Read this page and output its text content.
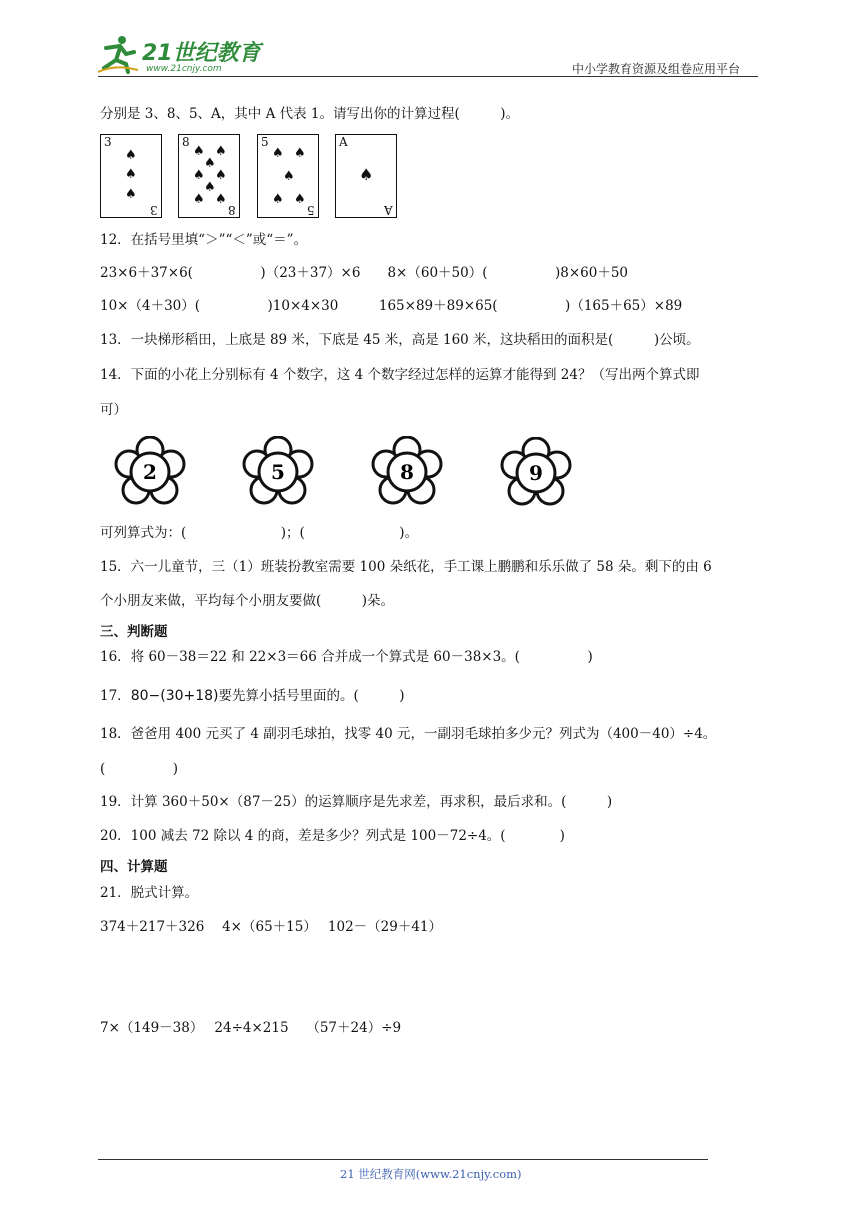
21世纪教育
www.21cnjy.com	中小学教育资源及组卷应用平台
分别是 3、8、5、A，其中 A 代表 1。请写出你的计算过程(　　　)。
3
♠
♠
♠
3
8
♠ ♠
♠
♠ ♠
♠
♠ ♠
8
5
♠ ♠
♠
♠ ♠
5
A
♠
A
12．在括号里填“＞”“＜”或“＝”。
23×6＋37×6(　　　　　)（23＋37）×6　　8×（60＋50）(　　　　　)8×60＋50
10×（4＋30）(　　　　　)10×4×30　　　165×89＋89×65(　　　　　)（165＋65）×89
13．一块梯形稻田，上底是 89 米，下底是 45 米，高是 160 米，这块稻田的面积是(　　　)公顷。
14．下面的小花上分别标有 4 个数字，这 4 个数字经过怎样的运算才能得到 24？（写出两个算式即
可）
2	5	8	9
可列算式为：(　　　　　　　)；(　　　　　　　)。
15．六一儿童节，三（1）班装扮教室需要 100 朵纸花，手工课上鹏鹏和乐乐做了 58 朵。剩下的由 6
个小朋友来做，平均每个小朋友要做(　　　)朵。
三、判断题
16．将 60－38＝22 和 22×3＝66 合并成一个算式是 60－38×3。(　　　　　)
17．80−(30+18)要先算小括号里面的。(　　　)
18．爸爸用 400 元买了 4 副羽毛球拍，找零 40 元，一副羽毛球拍多少元？列式为（400－40）÷4。
(　　　　　)
19．计算 360＋50×（87－25）的运算顺序是先求差，再求积，最后求和。(　　　)
20．100 减去 72 除以 4 的商，差是多少？列式是 100－72÷4。(　　　　)
四、计算题
21．脱式计算。
374＋217＋326　 4×（65＋15）　 102－（29＋41）
7×（149－38）　 24÷4×215　 （57＋24）÷9
21 世纪教育网(www.21cnjy.com)
